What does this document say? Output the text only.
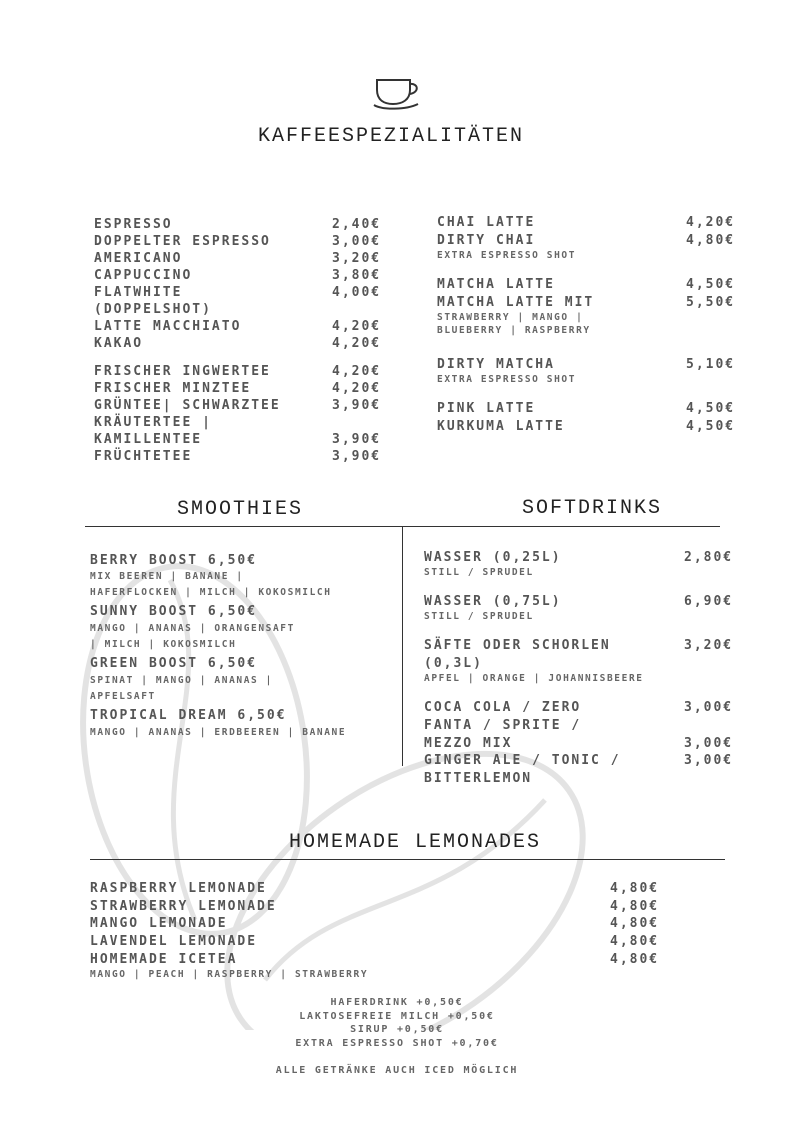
KAFFEESPEZIALITÄTEN
ESPRESSO	2,40€
DOPPELTER ESPRESSO	3,00€
AMERICANO	3,20€
CAPPUCCINO	3,80€
FLATWHITE	4,00€
(DOPPELSHOT)
LATTE MACCHIATO	4,20€
KAKAO	4,20€
FRISCHER INGWERTEE	4,20€
FRISCHER MINZTEE	4,20€
GRÜNTEE| SCHWARZTEE	3,90€
KRÄUTERTEE |
KAMILLENTEE	3,90€
FRÜCHTETEE	3,90€
CHAI LATTE	4,20€
DIRTY CHAI	4,80€
EXTRA ESPRESSO SHOT
MATCHA LATTE	4,50€
MATCHA LATTE MIT	5,50€
STRAWBERRY | MANGO |
BLUEBERRY | RASPBERRY
DIRTY MATCHA	5,10€
EXTRA ESPRESSO SHOT
PINK LATTE	4,50€
KURKUMA LATTE	4,50€
SMOOTHIES	SOFTDRINKS
BERRY BOOST 6,50€
MIX BEEREN | BANANE |
HAFERFLOCKEN | MILCH | KOKOSMILCH
SUNNY BOOST 6,50€
MANGO | ANANAS | ORANGENSAFT
| MILCH | KOKOSMILCH
GREEN BOOST 6,50€
SPINAT | MANGO | ANANAS |
APFELSAFT
TROPICAL DREAM 6,50€
MANGO | ANANAS | ERDBEEREN | BANANE
WASSER (0,25L)	2,80€
STILL / SPRUDEL
WASSER (0,75L)	6,90€
STILL / SPRUDEL
SÄFTE ODER SCHORLEN	3,20€
(0,3L)
APFEL | ORANGE | JOHANNISBEERE
COCA COLA / ZERO	3,00€
FANTA / SPRITE /
MEZZO MIX	3,00€
GINGER ALE / TONIC /	3,00€
BITTERLEMON
HOMEMADE LEMONADES
RASPBERRY LEMONADE	4,80€
STRAWBERRY LEMONADE	4,80€
MANGO LEMONADE	4,80€
LAVENDEL LEMONADE	4,80€
HOMEMADE ICETEA	4,80€
MANGO | PEACH | RASPBERRY | STRAWBERRY
HAFERDRINK +0,50€
LAKTOSEFREIE MILCH +0,50€
SIRUP +0,50€
EXTRA ESPRESSO SHOT +0,70€
ALLE GETRÄNKE AUCH ICED MÖGLICH
